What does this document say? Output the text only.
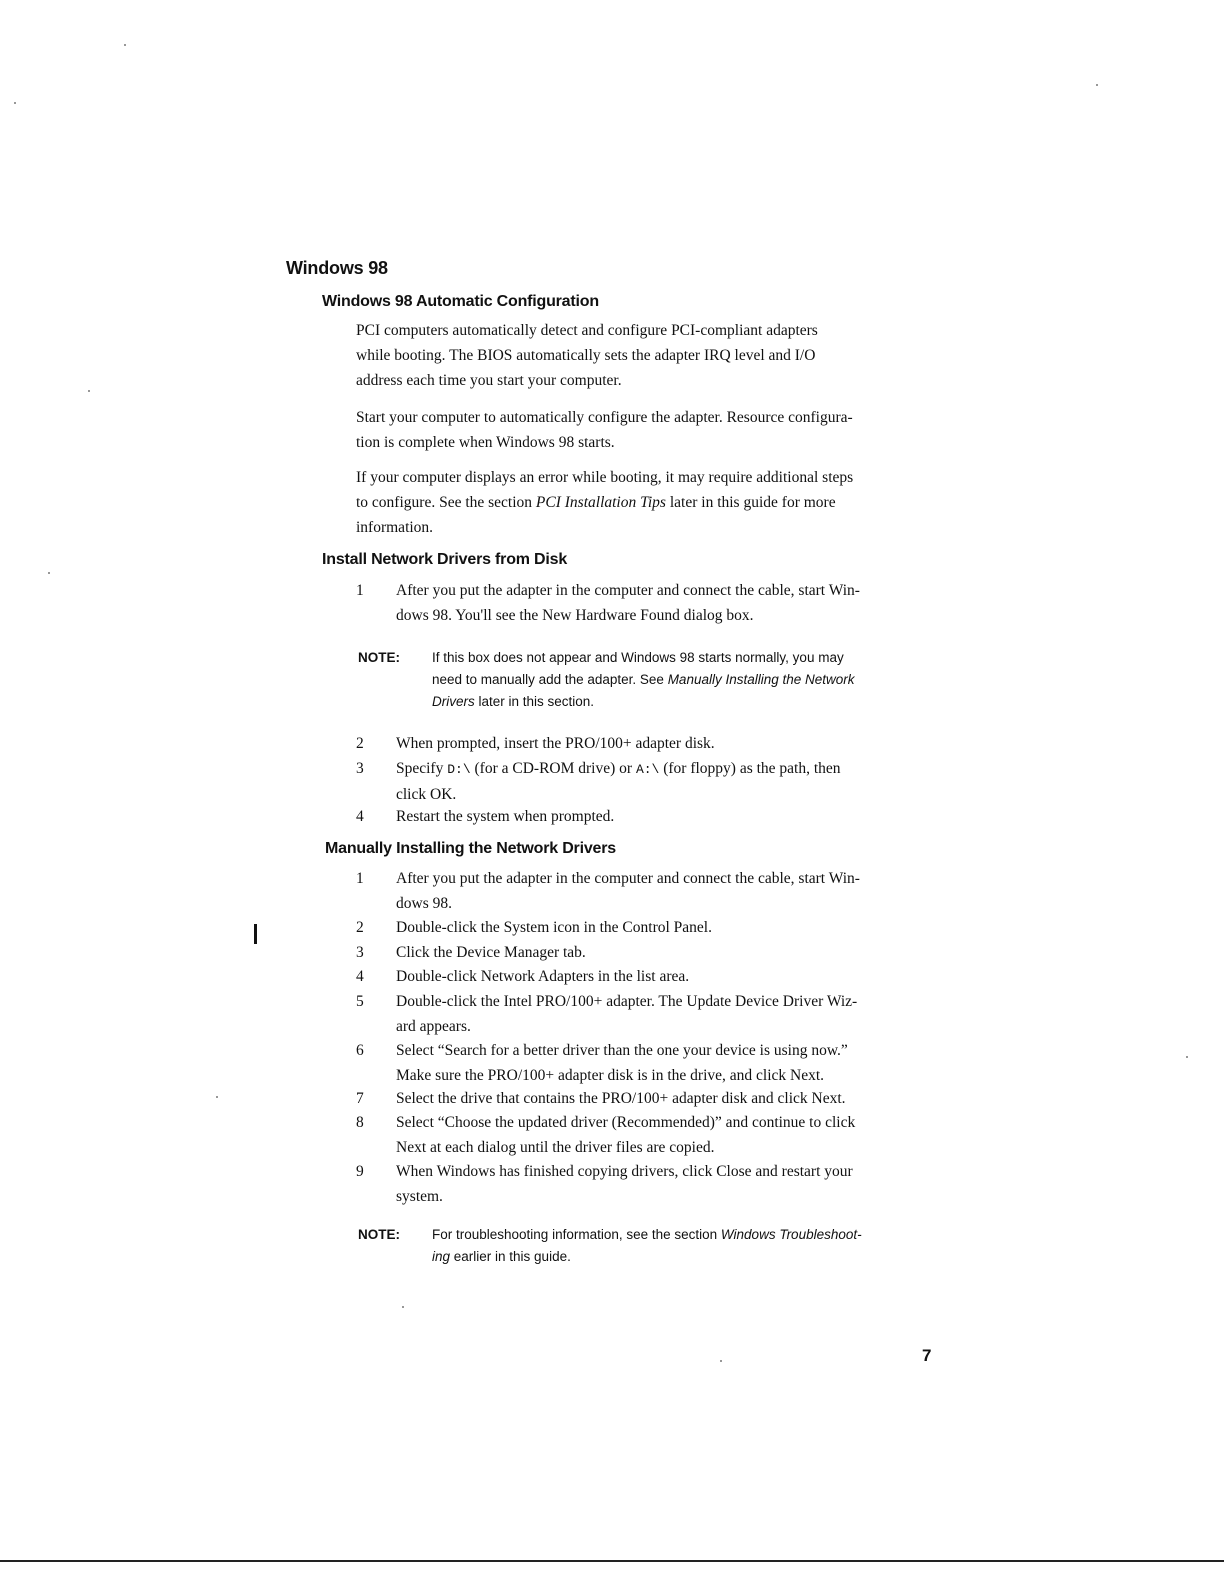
Windows 98
Windows 98 Automatic Configuration

PCI computers automatically detect and configure PCI-compliant adapters
while booting. The BIOS automatically sets the adapter IRQ level and I/O
address each time you start your computer.

Start your computer to automatically configure the adapter. Resource configura-
tion is complete when Windows 98 starts.

If your computer displays an error while booting, it may require additional steps
to configure. See the section PCI Installation Tips later in this guide for more
information.

Install Network Drivers from Disk
1	After you put the adapter in the computer and connect the cable, start Win-
dows 98. You'll see the New Hardware Found dialog box.
NOTE: If this box does not appear and Windows 98 starts normally, you may
need to manually add the adapter. See Manually Installing the Network
Drivers later in this section.
2	When prompted, insert the PRO/100+ adapter disk.
3	Specify D:\ (for a CD-ROM drive) or A:\ (for floppy) as the path, then
click OK.
4	Restart the system when prompted.
Manually Installing the Network Drivers
1	After you put the adapter in the computer and connect the cable, start Win-
dows 98.
2	Double-click the System icon in the Control Panel.
3	Click the Device Manager tab.
4	Double-click Network Adapters in the list area.
5	Double-click the Intel PRO/100+ adapter. The Update Device Driver Wiz-
ard appears.
6	Select “Search for a better driver than the one your device is using now.”
Make sure the PRO/100+ adapter disk is in the drive, and click Next.
7	Select the drive that contains the PRO/100+ adapter disk and click Next.
8	Select “Choose the updated driver (Recommended)” and continue to click
Next at each dialog until the driver files are copied.
9	When Windows has finished copying drivers, click Close and restart your
system.
NOTE: For troubleshooting information, see the section Windows Troubleshoot-
ing earlier in this guide.
7
